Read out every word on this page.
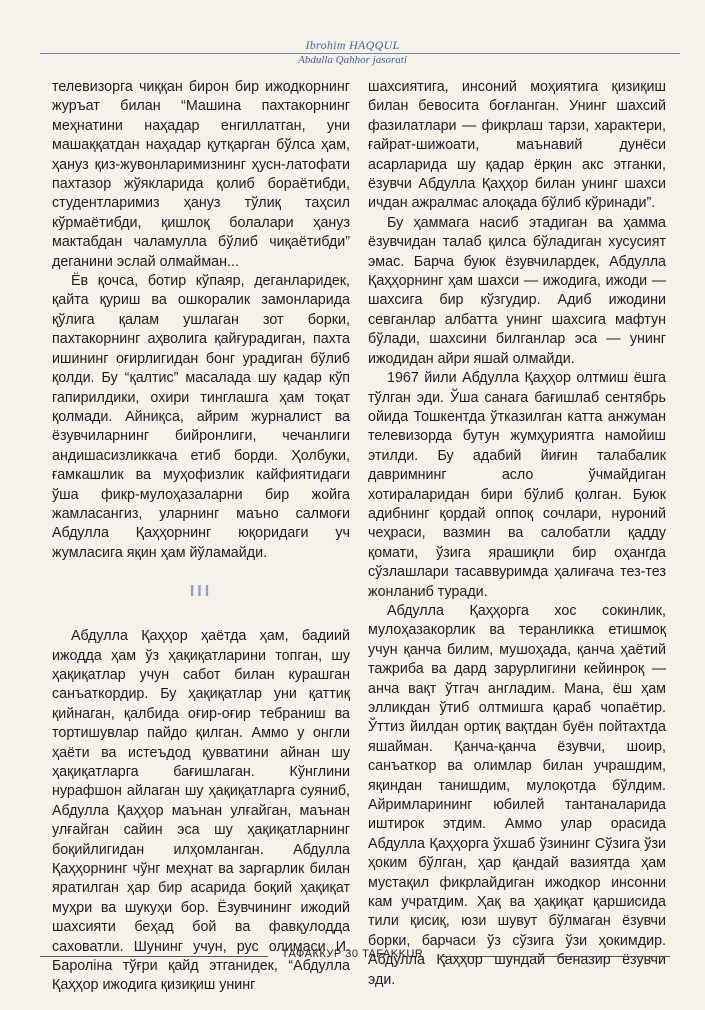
Ibrohim HAQQUL
Abdulla Qahhor jasorati

телевизорга чиққан бирон бир ижодкорнинг журъат билан “Машина пахтакорнинг меҳнатини наҳадар енгиллатган, уни машаққатдан наҳадар қутқарган бўлса ҳам, ҳануз қиз-жувонларимизнинг ҳусн-латофати пахтазор жўякларида қолиб бораётибди, студентларимиз ҳануз тўлиқ таҳсил кўрмаётибди, қишлоқ болалари ҳануз мактабдан чаламулла бўлиб чиқаётибди” деганини эслай олмайман...

Ёв қочса, ботир кўпаяр, деганларидек, қайта қуриш ва ошкоралик замонларида қўлига қалам ушлаган зот борки, пахтакорнинг аҳволига қайғурадиган, пахта ишининг оғирлигидан бонг урадиган бўлиб қолди. Бу “қалтис” масалада шу қадар кўп гапирилдики, охири тинглашга ҳам тоқат қолмади. Айниқса, айрим журналист ва ёзувчиларнинг бийронлиги, чечанлиги андишасизликкача етиб борди. Ҳолбуки, ғамкашлик ва муҳофизлик кайфиятидаги ўша фикр-мулоҳазаларни бир жойга жамласангиз, уларнинг маъно салмоғи Абдулла Қаҳҳорнинг юқоридаги уч жумласига яқин ҳам йўламайди.

III

Абдулла Қаҳҳор ҳаётда ҳам, бадиий ижодда ҳам ўз ҳақиқатларини топган, шу ҳақиқатлар учун сабот билан курашган санъаткордир. Бу ҳақиқатлар уни қаттиқ қийнаган, қалбида оғир-оғир тебраниш ва тортишувлар пайдо қилган. Аммо у онгли ҳаёти ва истеъдод қувватини айнан шу ҳақиқатларга бағишлаган. Кўнглини нурафшон айлаган шу ҳақиқатларга суяниб, Абдулла Қаҳҳор маънан улғайган, маънан улғайган сайин эса шу ҳақиқатларнинг боқийлигидан илҳомланган. Абдулла Қаҳҳорнинг чўнг меҳнат ва заргарлик билан яратилган ҳар бир асарида боқий ҳақиқат муҳри ва шукуҳи бор. Ёзувчининг ижодий шахсияти беҳад бой ва фавқулодда саховатли. Шунинг учун, рус олимаси И. Бароліна тўғри қайд этганидек, “Абдулла Қаҳҳор ижодига қизиқиш унинг

шахсиятига, инсоний моҳиятига қизиқиш билан бевосита боғланган. Унинг шахсий фазилатлари — фикрлаш тарзи, характери, ғайрат-шижоати, маънавий дунёси асарларида шу қадар ёрқин акс этганки, ёзувчи Абдулла Қаҳҳор билан унинг шахси ичдан ажралмас алоқада бўлиб кўринади”.

Бу ҳаммага насиб этадиган ва ҳамма ёзувчидан талаб қилса бўладиган хусусият эмас. Барча буюк ёзувчилардек, Абдулла Қаҳҳорнинг ҳам шахси — ижодига, ижоди — шахсига бир кўзгудир. Адиб ижодини севганлар албатта унинг шахсига мафтун бўлади, шахсини билганлар эса — унинг ижодидан айри яшай олмайди.

1967 йили Абдулла Қаҳҳор олтмиш ёшга тўлган эди. Ўша санага бағишлаб сентябрь ойида Тошкентда ўтказилган катта анжуман телевизорда бутун жумҳуриятга намойиш этилди. Бу адабий йиғин талабалик давримнинг асло ўчмайдиган хотираларидан бири бўлиб қолган. Буюк адибнинг қордай оппоқ сочлари, нуроний чеҳраси, вазмин ва салобатли қадду қомати, ўзига ярашиқли бир оҳангда сўзлашлари тасаввуримда ҳалиғача тез-тез жонланиб туради.

Абдулла Қаҳҳорга хос сокинлик, мулоҳазакорлик ва теранликка етишмоқ учун қанча билим, мушоҳада, қанча ҳаётий тажриба ва дард зарурлигини кейинроқ — анча вақт ўтгач англадим. Мана, ёш ҳам элликдан ўтиб олтмишга қараб чопаётир. Ўттиз йилдан ортиқ вақтдан буён пойтахтда яшайман. Қанча-қанча ёзувчи, шоир, санъаткор ва олимлар билан учрашдим, яқиндан танишдим, мулоқотда бўлдим. Айримларининг юбилей тантаналарида иштирок этдим. Аммо улар орасида Абдулла Қаҳҳорга ўхшаб ўзининг Сўзига ўзи ҳоким бўлган, ҳар қандай вазиятда ҳам мустақил фикрлайдиган ижодкор инсонни кам учратдим. Ҳақ ва ҳақиқат қаршисида тили қисиқ, юзи шувут бўлмаган ёзувчи борки, барчаси ўз сўзига ўзи ҳокимдир. Абдулла Қаҳҳор шундай беназир ёзувчи эди.

ТАФАККУР 30 TAFAKKUR
